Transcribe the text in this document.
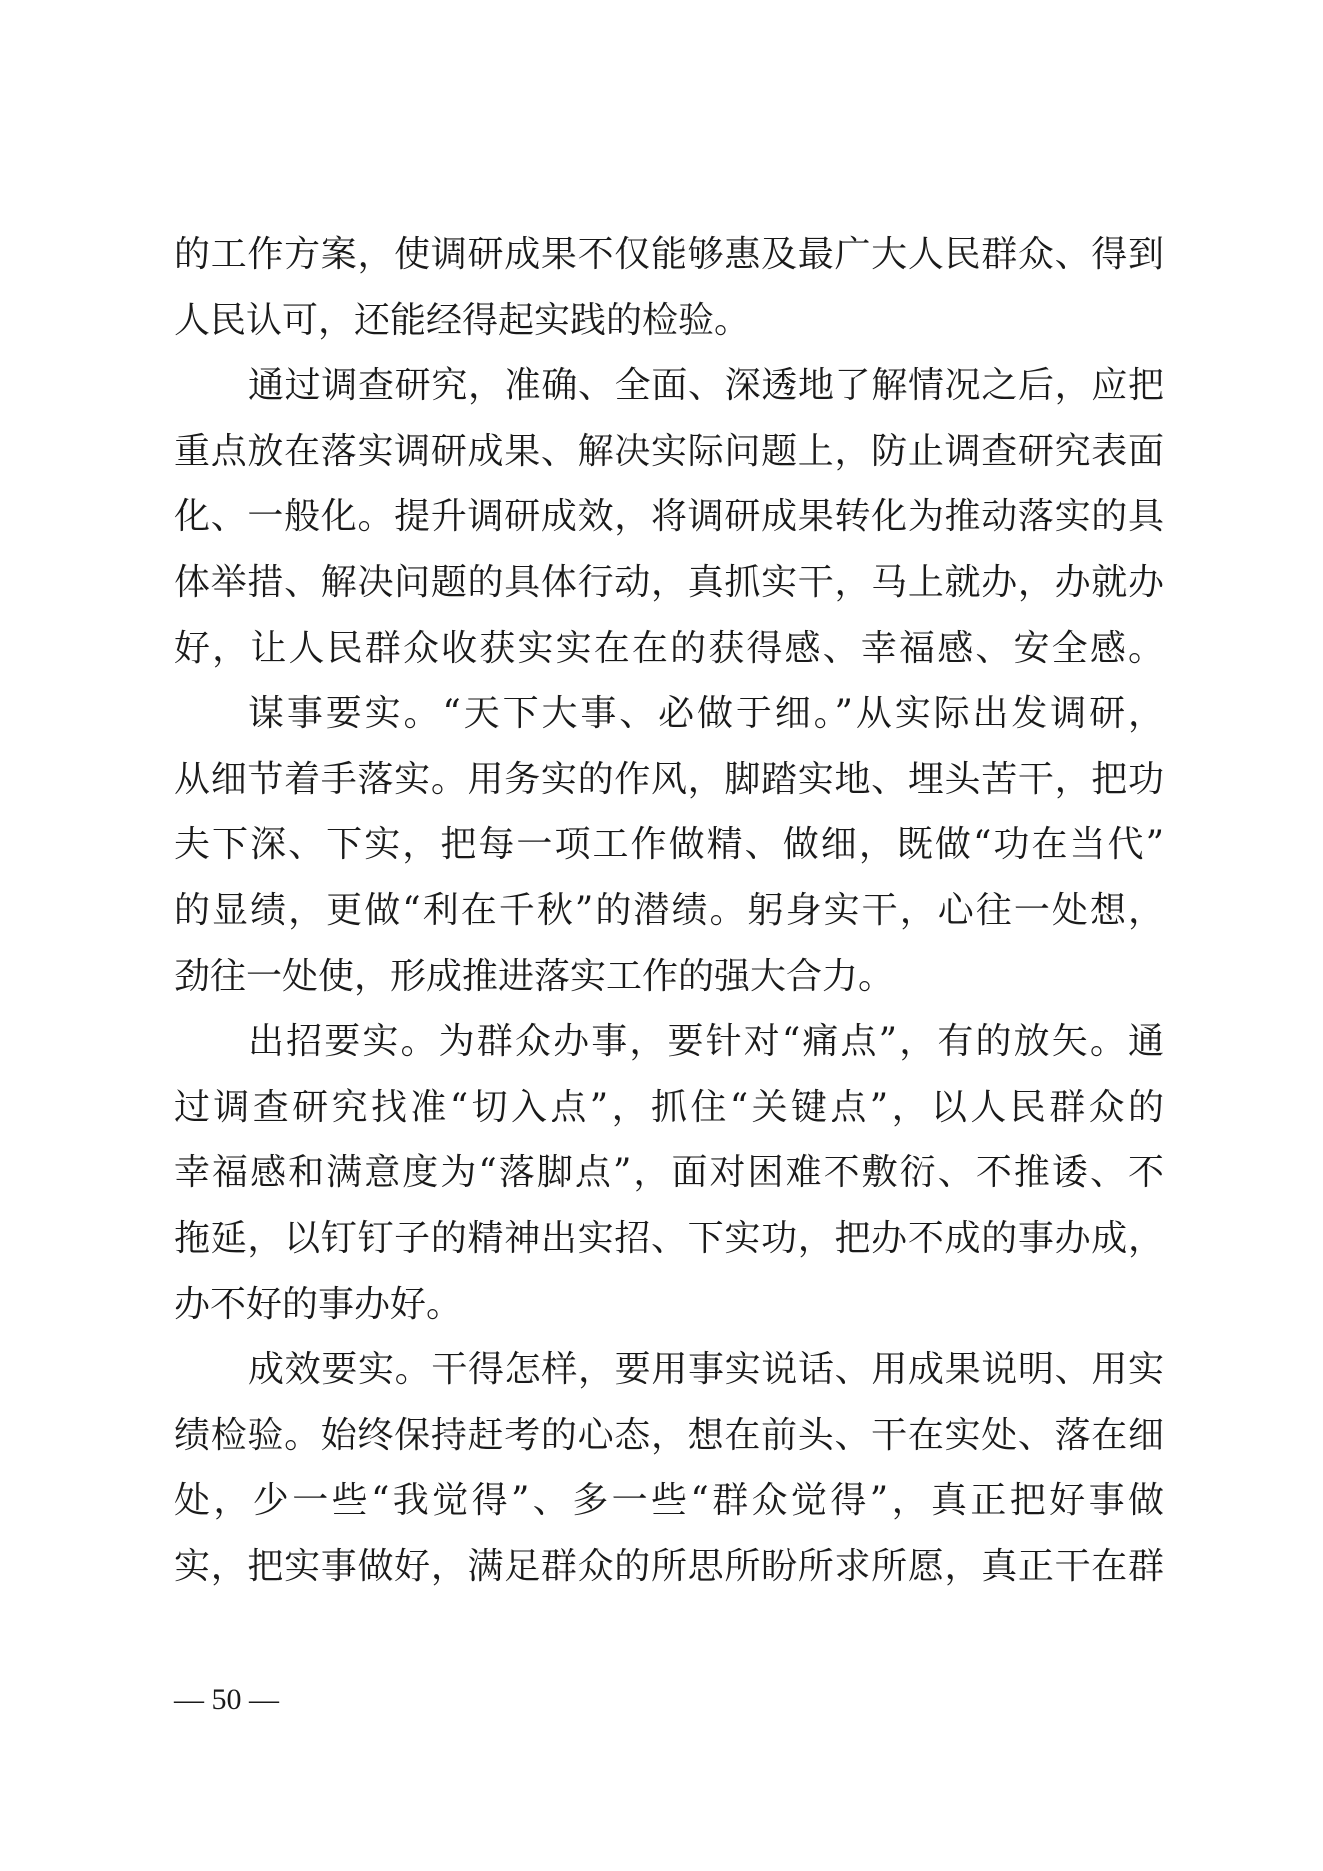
的工作方案，使调研成果不仅能够惠及最广大人民群众、得到
人民认可，还能经得起实践的检验。
通过调查研究，准确、全面、深透地了解情况之后，应把
重点放在落实调研成果、解决实际问题上，防止调查研究表面
化、一般化。提升调研成效，将调研成果转化为推动落实的具
体举措、解决问题的具体行动，真抓实干，马上就办，办就办
好，让人民群众收获实实在在的获得感、幸福感、安全感。
谋事要实。“天下大事、必做于细。”从实际出发调研，
从细节着手落实。用务实的作风，脚踏实地、埋头苦干，把功
夫下深、下实，把每一项工作做精、做细，既做“功在当代”
的显绩，更做“利在千秋”的潜绩。躬身实干，心往一处想，
劲往一处使，形成推进落实工作的强大合力。
出招要实。为群众办事，要针对“痛点”，有的放矢。通
过调查研究找准“切入点”，抓住“关键点”，以人民群众的
幸福感和满意度为“落脚点”，面对困难不敷衍、不推诿、不
拖延，以钉钉子的精神出实招、下实功，把办不成的事办成，
办不好的事办好。
成效要实。干得怎样，要用事实说话、用成果说明、用实
绩检验。始终保持赶考的心态，想在前头、干在实处、落在细
处，少一些“我觉得”、多一些“群众觉得”，真正把好事做
实，把实事做好，满足群众的所思所盼所求所愿，真正干在群
— 50 —
